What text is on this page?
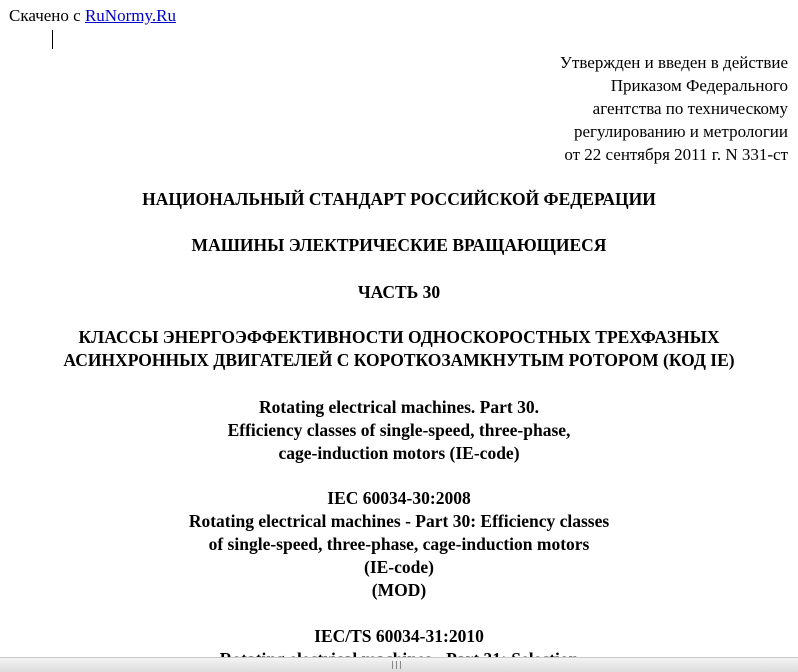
Скачено с RuNormy.Ru
Утвержден и введен в действие
Приказом Федерального
агентства по техническому
регулированию и метрологии
от 22 сентября 2011 г. N 331-ст
НАЦИОНАЛЬНЫЙ СТАНДАРТ РОССИЙСКОЙ ФЕДЕРАЦИИ
МАШИНЫ ЭЛЕКТРИЧЕСКИЕ ВРАЩАЮЩИЕСЯ
ЧАСТЬ 30
КЛАССЫ ЭНЕРГОЭФФЕКТИВНОСТИ ОДНОСКОРОСТНЫХ ТРЕХФАЗНЫХ
АСИНХРОННЫХ ДВИГАТЕЛЕЙ С КОРОТКОЗАМКНУТЫМ РОТОРОМ (КОД IE)
Rotating electrical machines. Part 30.
Efficiency classes of single-speed, three-phase,
cage-induction motors (IE-code)
IEC 60034-30:2008
Rotating electrical machines - Part 30: Efficiency classes
of single-speed, three-phase, cage-induction motors
(IE-code)
(MOD)
IEC/TS 60034-31:2010
